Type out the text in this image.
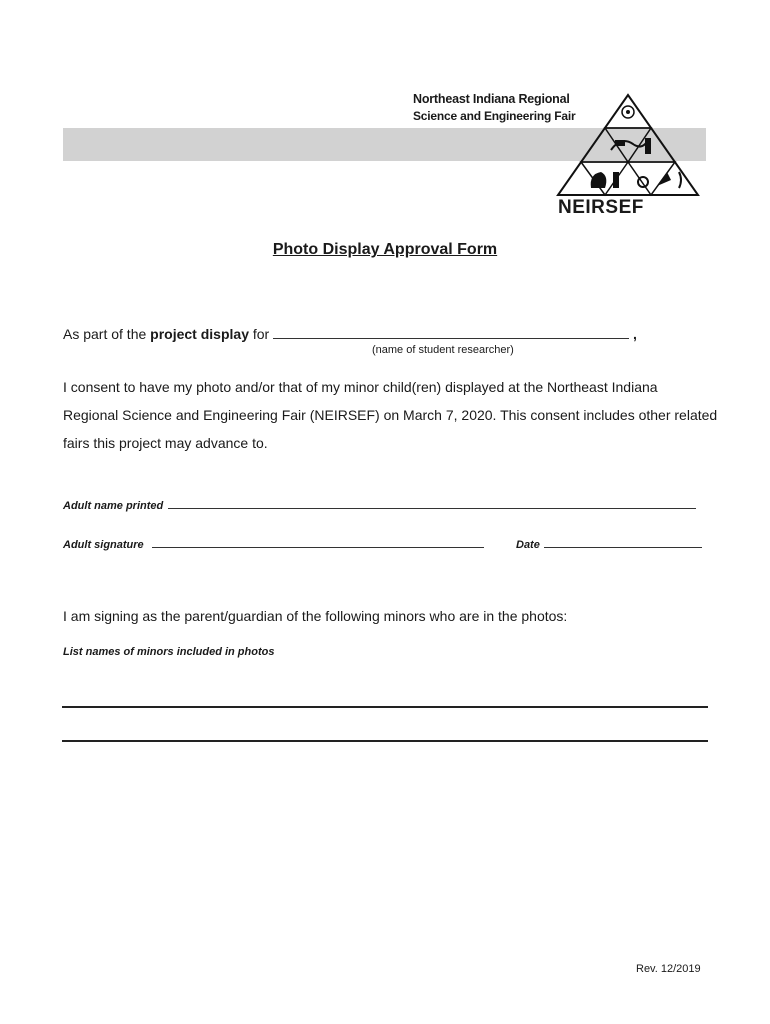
Northeast Indiana Regional
Science and Engineering Fair
NEIRSEF
Photo Display Approval Form
As part of the project display for	,
(name of student researcher)
I consent to have my photo and/or that of my minor child(ren) displayed at the Northeast Indiana
Regional Science and Engineering Fair (NEIRSEF) on March 7, 2020. This consent includes other related
fairs this project may advance to.
Adult name printed
Adult signature	Date
I am signing as the parent/guardian of the following minors who are in the photos:
List names of minors included in photos
Rev. 12/2019
